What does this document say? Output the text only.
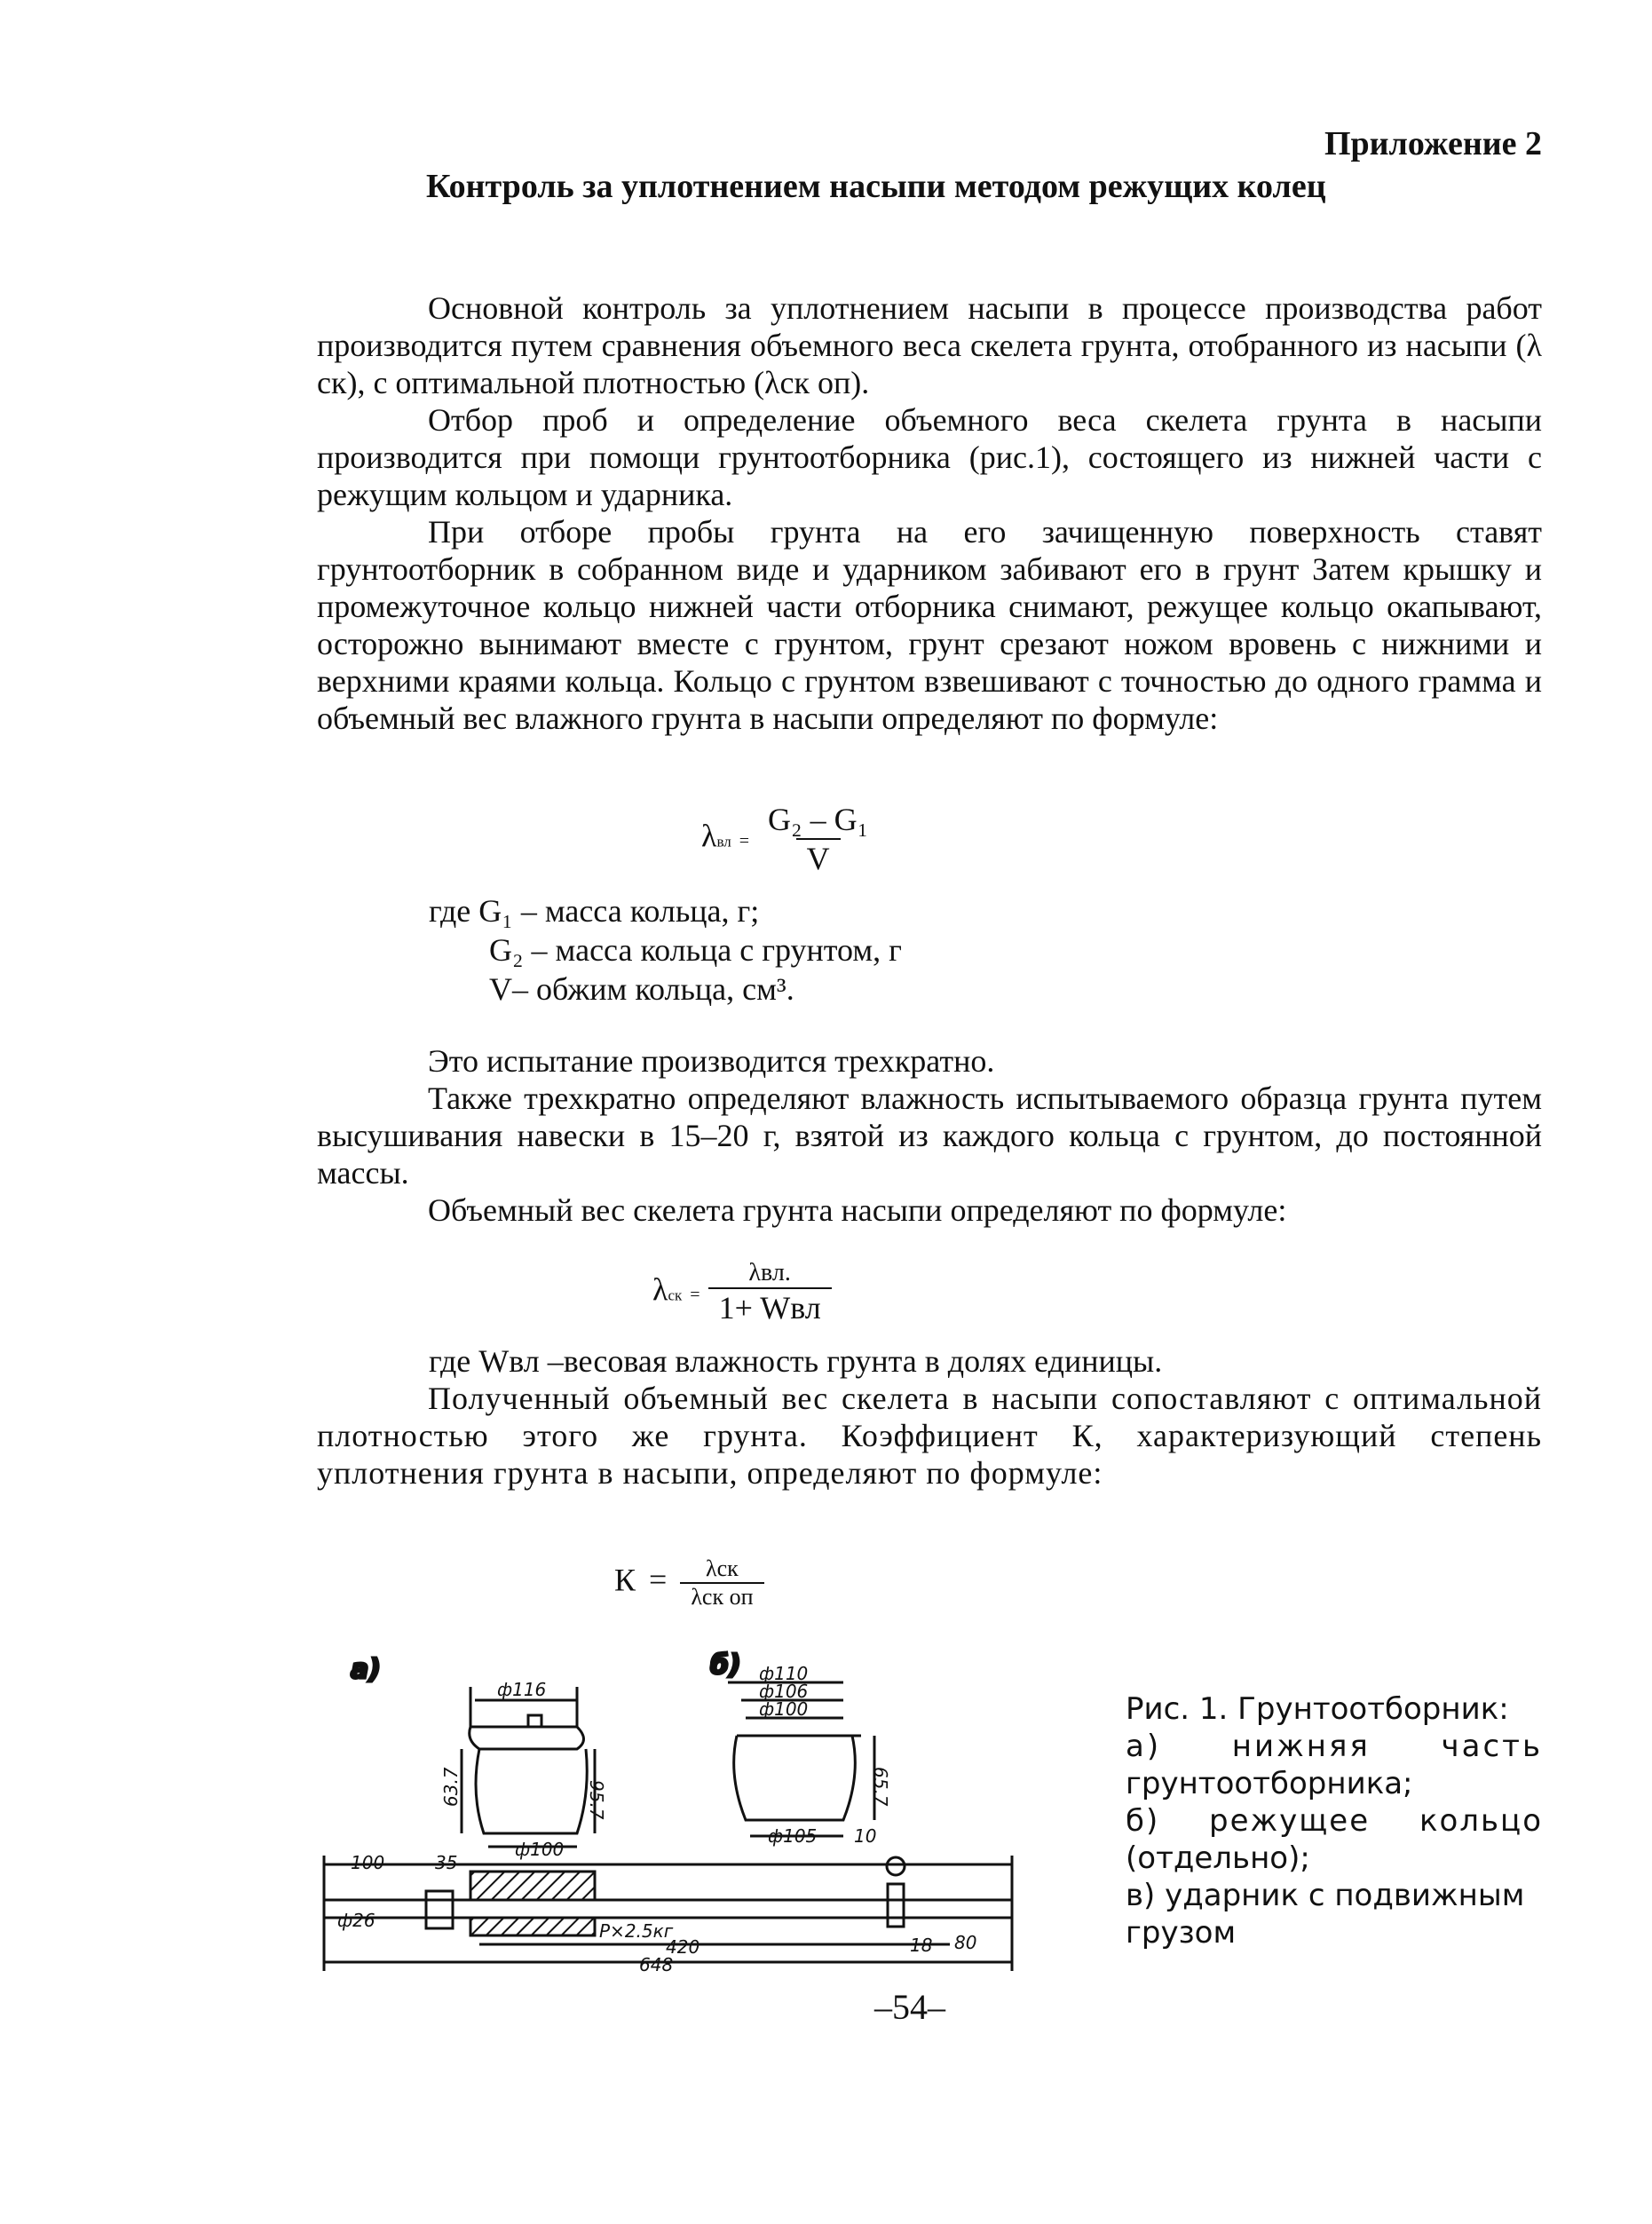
Приложение 2
Контроль за уплотнением насыпи методом режущих колец

Основной контроль за уплотнением насыпи в процессе производства работ производится путем сравнения объемного веса скелета грунта, отобранного из насыпи (λ ск), с оптимальной плотностью (λск оп).

Отбор проб и определение объемного веса скелета грунта в насыпи производится при помощи грунтоотборника (рис.1), состоящего из нижней части с режущим кольцом и ударника.

При отборе пробы грунта на его зачищенную поверхность ставят грунтоотборник в собранном виде и ударником забивают его в грунт Затем крышку и промежуточное кольцо нижней части отборника снимают, режущее кольцо окапывают, осторожно вынимают вместе с грунтом, грунт срезают ножом вровень с нижними и верхними краями кольца. Кольцо с грунтом взвешивают с точностью до одного грамма и объемный вес влажного грунта в насыпи определяют по формуле:

$\lambda вл = \frac{\text{G₂ – G₁}}{V}$
где G₁ – масса кольца, г;
G₂ – масса кольца с грунтом, г
V– обжим кольца, см³.

Это испытание производится трехкратно.

Также трехкратно определяют влажность испытываемого образца грунта путем высушивания навески в 15–20 г, взятой из каждого кольца с грунтом, до постоянной массы.

Объемный вес скелета грунта насыпи определяют по формуле:

$\lambda ск = \frac{\text{λвл.}}{\text{1+ Wвл}}$
где Wвл –весовая влажность грунта в долях единицы.

Полученный объемный вес скелета в насыпи сопоставляют с оптимальной плотностью этого же грунта. Коэффициент К, характеризующий степень уплотнения грунта в насыпи, определяют по формуле:

$К = \frac{\text{λск}}{\text{λск оп}}$
а)	б)
ф116
63.7	95.7
ф100
ф110
ф106
ф100
ф105 10
65.7
100	35
ф26	P×2.5кг
420	18 80
648
Рис. 1. Грунтоотборник:
а) нижняя часть
грунтоотборника;
б) режущее кольцо
(отдельно);
в) ударник с подвижным
грузом
–54–
